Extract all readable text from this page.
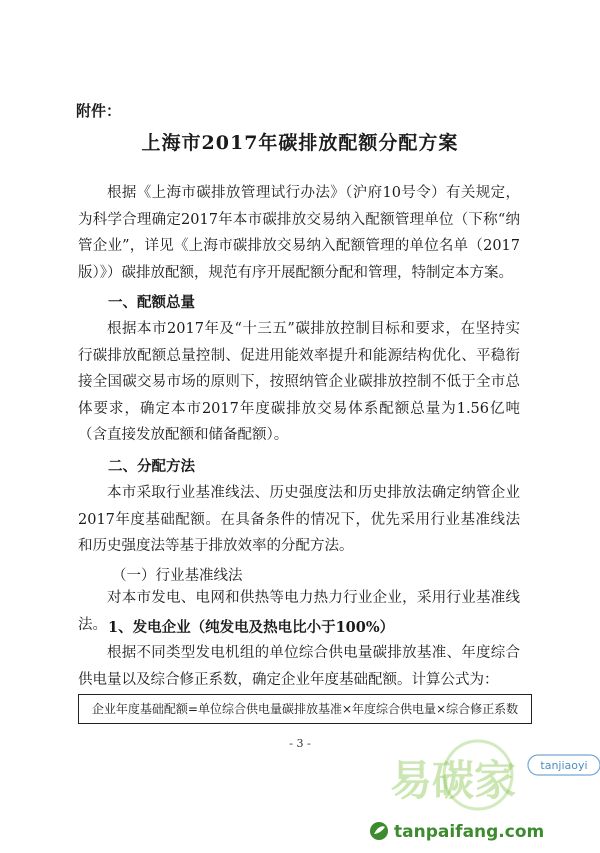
附件：
上海市2017年碳排放配额分配方案
根据《上海市碳排放管理试行办法》（沪府10号令）有关规定，为科学合理确定2017年本市碳排放交易纳入配额管理单位（下称“纳管企业”，详见《上海市碳排放交易纳入配额管理的单位名单（2017版）》）碳排放配额，规范有序开展配额分配和管理，特制定本方案。
一、配额总量
根据本市2017年及“十三五”碳排放控制目标和要求，在坚持实行碳排放配额总量控制、促进用能效率提升和能源结构优化、平稳衔接全国碳交易市场的原则下，按照纳管企业碳排放控制不低于全市总体要求，确定本市2017年度碳排放交易体系配额总量为1.56亿吨（含直接发放配额和储备配额）。
二、分配方法
本市采取行业基准线法、历史强度法和历史排放法确定纳管企业2017年度基础配额。在具备条件的情况下，优先采用行业基准线法和历史强度法等基于排放效率的分配方法。
（一）行业基准线法
对本市发电、电网和供热等电力热力行业企业，采用行业基准线法。 1、发电企业（纯发电及热电比小于100%）
根据不同类型发电机组的单位综合供电量碳排放基准、年度综合供电量以及综合修正系数，确定企业年度基础配额。计算公式为：
企业年度基础配额=单位综合供电量碳排放基准×年度综合供电量×综合修正系数
- 3 -
易碳家 tanjiaoyi
tanpaifang.com
